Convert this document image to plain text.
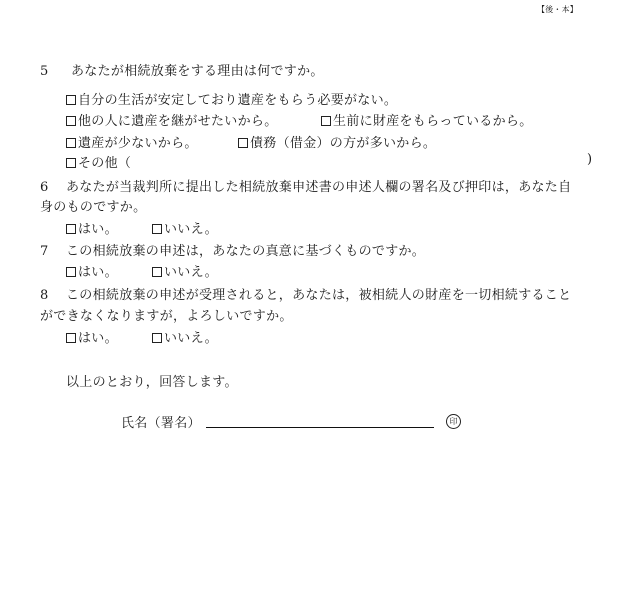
【後・本】
5 あなたが相続放棄をする理由は何ですか。
自分の生活が安定しており遺産をもらう必要がない。
他の人に遺産を継がせたいから。	生前に財産をもらっているから。
遺産が少ないから。	債務（借金）の方が多いから。
その他（	)
6 あなたが当裁判所に提出した相続放棄申述書の申述人欄の署名及び押印は，あなた自
身のものですか。
はい。	いいえ。
7 この相続放棄の申述は，あなたの真意に基づくものですか。
はい。	いいえ。
8 この相続放棄の申述が受理されると，あなたは，被相続人の財産を一切相続すること
ができなくなりますが，よろしいですか。
はい。	いいえ。
以上のとおり，回答します。
氏名（署名）	印
